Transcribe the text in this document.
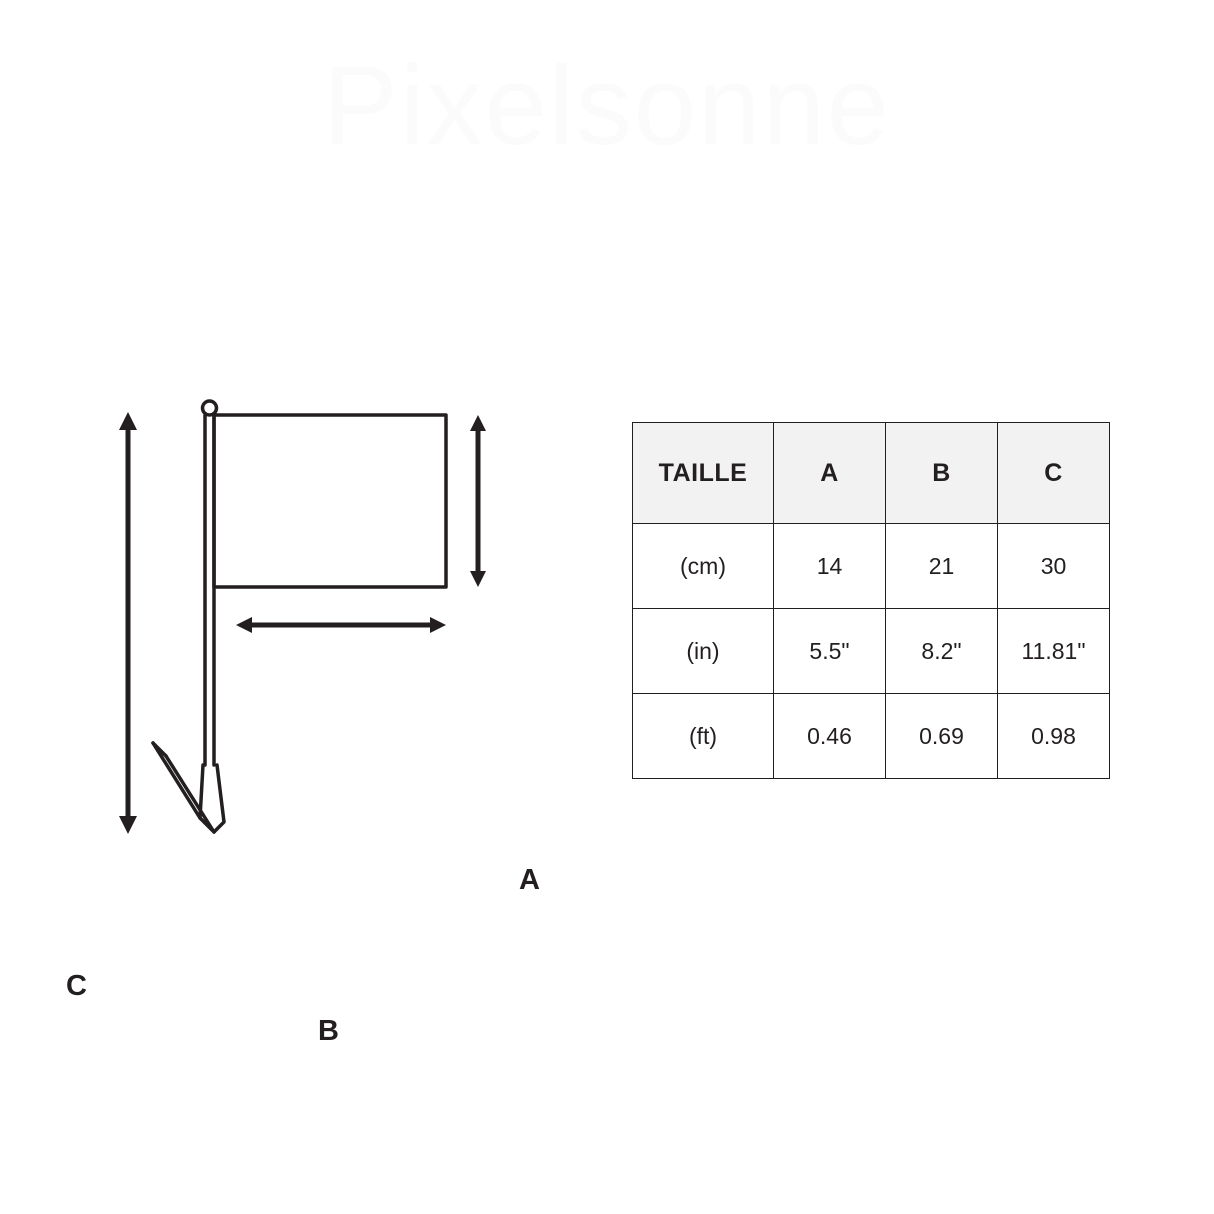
Pixelsonne
A
B
C
TAILLE	A	B	C
(cm)	14	21	30
(in)	5.5"	8.2"	11.81"
(ft)	0.46	0.69	0.98
